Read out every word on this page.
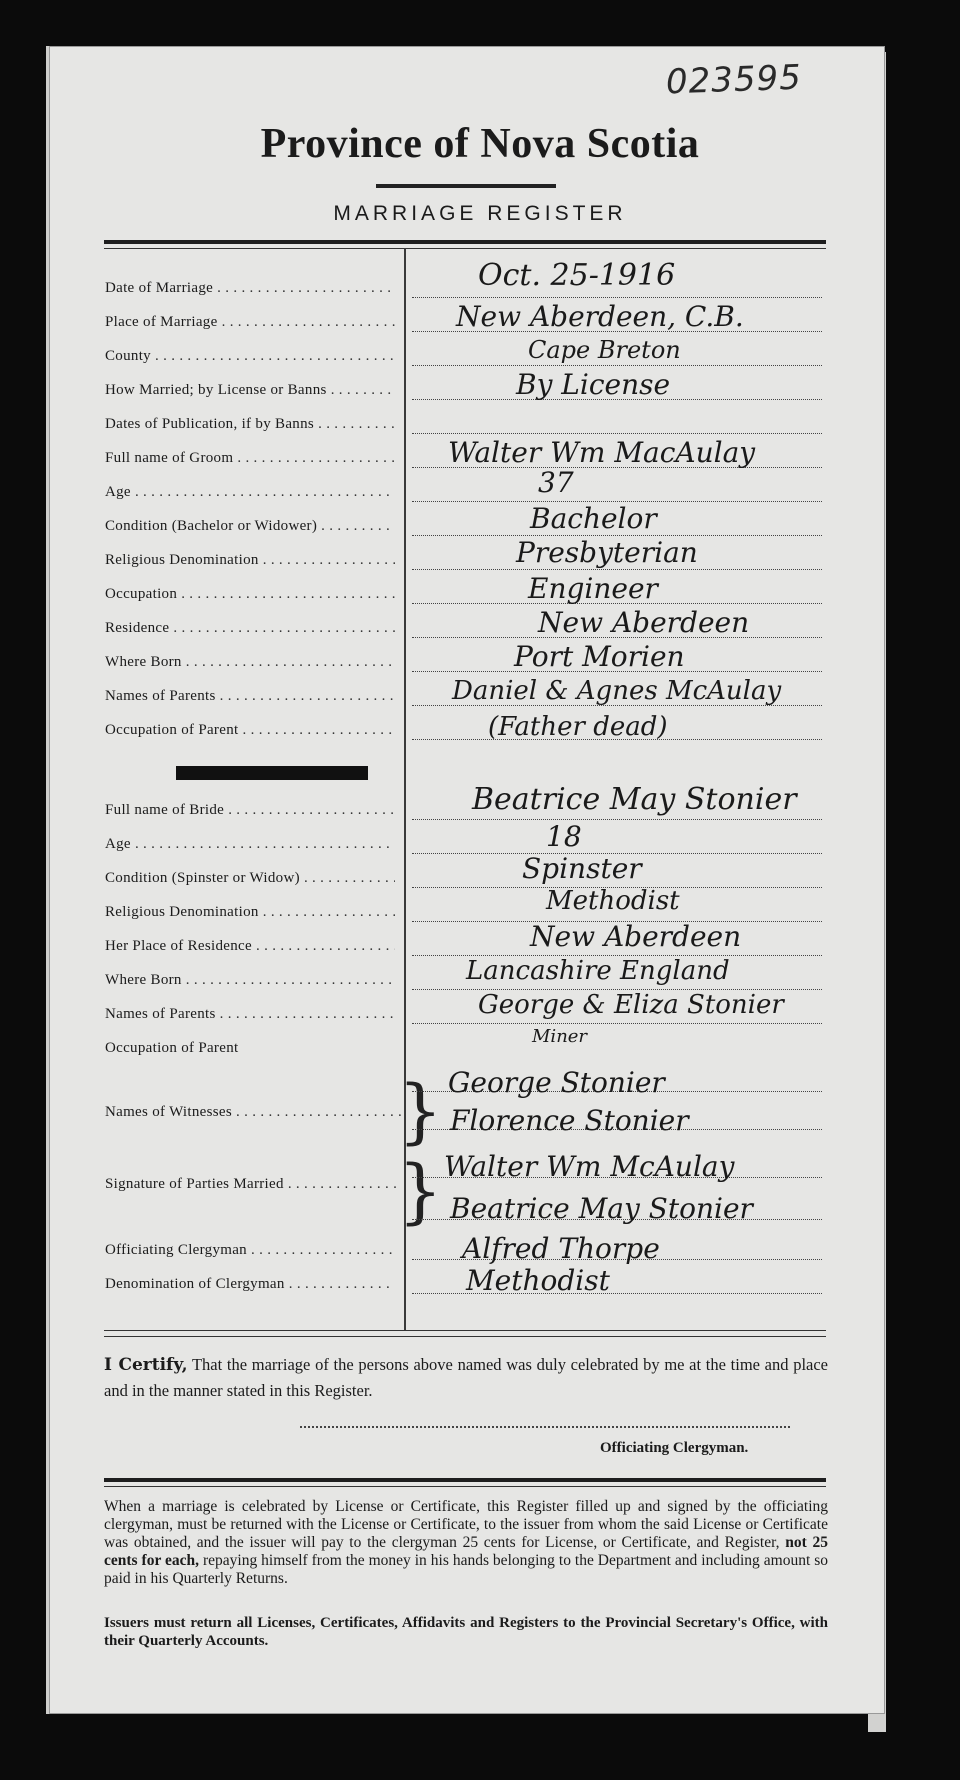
023595
Province of Nova Scotia
MARRIAGE REGISTER
Date of Marriage . . .
Place of Marriage . . .
County . . .
How Married; by License or Banns . . .
Dates of Publication, if by Banns . . .
Full name of Groom . . .
Age . . .
Condition (Bachelor or Widower) . . .
Religious Denomination . . .
Occupation . . .
Residence . . .
Where Born . . .
Names of Parents . . .
Occupation of Parent . . .
Full name of Bride . . .
Age . . .
Condition (Spinster or Widow) . . .
Religious Denomination . . .
Her Place of Residence . . .
Where Born . . .
Names of Parents . . .
Occupation of Parent
Names of Witnesses . . .
Signature of Parties Married . . .
Officiating Clergyman . . .
Denomination of Clergyman . . .
}
}
Oct. 25-1916
New Aberdeen, C.B.
Cape Breton
By License
Walter Wm MacAulay
37
Bachelor
Presbyterian
Engineer
New Aberdeen
Port Morien
Daniel & Agnes McAulay
(Father dead)
Beatrice May Stonier
18
Spinster
Methodist
New Aberdeen
Lancashire England
George & Eliza Stonier
Miner
George Stonier
Florence Stonier
Walter Wm McAulay
Beatrice May Stonier
Alfred Thorpe
Methodist
I Certify, That the marriage of the persons above named was duly celebrated by me at the time and place and in the manner stated in this Register.
Officiating Clergyman.
When a marriage is celebrated by License or Certificate, this Register filled up and signed by the officiating clergyman, must be returned with the License or Certificate, to the issuer from whom the said License or Certificate was obtained, and the issuer will pay to the clergyman 25 cents for License, or Certificate, and Register, not 25 cents for each, repaying himself from the money in his hands belonging to the Department and including amount so paid in his Quarterly Returns.
Issuers must return all Licenses, Certificates, Affidavits and Registers to the Provincial Secretary's Office, with their Quarterly Accounts.
